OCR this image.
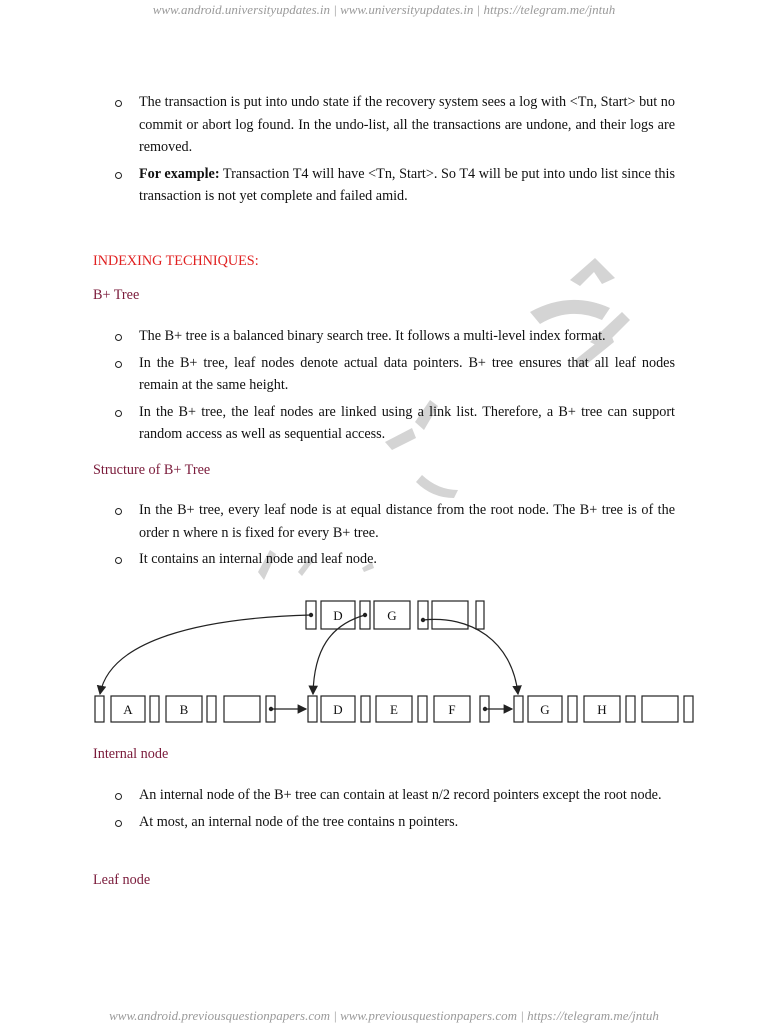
www.android.universityupdates.in | www.universityupdates.in | https://telegram.me/jntuh
The transaction is put into undo state if the recovery system sees a log with <Tn, Start> but no commit or abort log found. In the undo-list, all the transactions are undone, and their logs are removed.
For example: Transaction T4 will have <Tn, Start>. So T4 will be put into undo list since this transaction is not yet complete and failed amid.
INDEXING TECHNIQUES:
B+ Tree
The B+ tree is a balanced binary search tree. It follows a multi-level index format.
In the B+ tree, leaf nodes denote actual data pointers. B+ tree ensures that all leaf nodes remain at the same height.
In the B+ tree, the leaf nodes are linked using a link list. Therefore, a B+ tree can support random access as well as sequential access.
Structure of B+ Tree
In the B+ tree, every leaf node is at equal distance from the root node. The B+ tree is of the order n where n is fixed for every B+ tree.
It contains an internal node and leaf node.
D	G
A	B	D	E	F	G	H
Internal node
An internal node of the B+ tree can contain at least n/2 record pointers except the root node.
At most, an internal node of the tree contains n pointers.
Leaf node
www.android.previousquestionpapers.com | www.previousquestionpapers.com | https://telegram.me/jntuh
